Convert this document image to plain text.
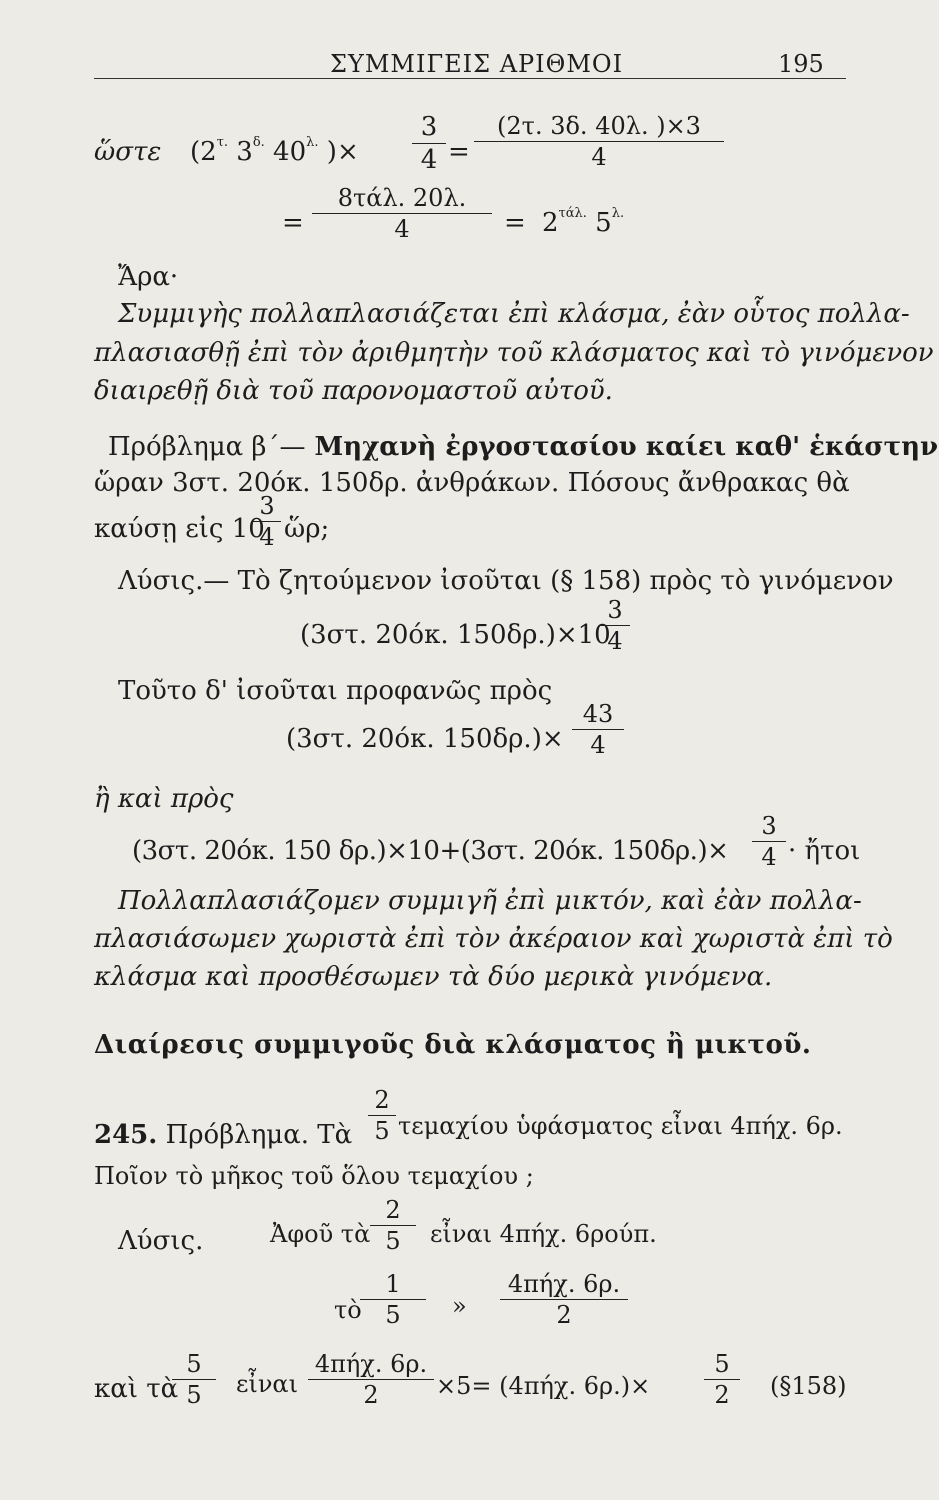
ΣΥΜΜΙΓΕΙΣ ΑΡΙΘΜΟΙ	195
ὥστε ($2^{\tau.}$ $3^{\delta.}$ $40^{\lambda.}$ )×
3
4 =
(2τ. 3δ. 40λ. )×3
4
=
8τάλ. 20λ.
4	= $2^{\tau ά\lambda.}$ $5^{\lambda.}$
Ἄρα·
Συμμιγὴς πολλαπλασιάζεται ἐπὶ κλάσμα, ἐὰν οὗτος πολλα-
πλασιασθῇ ἐπὶ τὸν ἀριθμητὴν τοῦ κλάσματος καὶ τὸ γινόμενον
διαιρεθῇ διὰ τοῦ παρονομαστοῦ αὐτοῦ.
Πρόβλημα β΄— Μηχανὴ ἐργοστασίου καίει καθ' ἑκάστην
ὥραν 3στ. 20όκ. 150δρ. ἀνθράκων. Πόσους ἄνθρακας θὰ
καύσῃ εἰς 10
3
4 ὥρ;
Λύσις.— Τὸ ζητούμενον ἰσοῦται (§ 158) πρὸς τὸ γινόμενον
(3στ. 20όκ. 150δρ.)×10
3
4
Τοῦτο δ' ἰσοῦται προφανῶς πρὸς
(3στ. 20όκ. 150δρ.)×
43
4
ἢ καὶ πρὸς
(3στ. 20όκ. 150 δρ.)×10+(3στ. 20όκ. 150δρ.)×
3
4 · ἤτοι
Πολλαπλασιάζομεν συμμιγῆ ἐπὶ μικτόν, καὶ ἐὰν πολλα-
πλασιάσωμεν χωριστὰ ἐπὶ τὸν ἀκέραιον καὶ χωριστὰ ἐπὶ τὸ
κλάσμα καὶ προσθέσωμεν τὰ δύο μερικὰ γινόμενα.
Διαίρεσις συμμιγοῦς διὰ κλάσματος ἢ μικτοῦ.
245. Πρόβλημα. Τὰ
2
5 τεμαχίου ὑφάσματος εἶναι 4πήχ. 6ρ.
Ποῖον τὸ μῆκος τοῦ ὅλου τεμαχίου ;
Λύσις.	Ἀφοῦ τὰ
2
5	εἶναι 4πήχ. 6ρούπ.
τὸ
1
5	»
4πήχ. 6ρ.
2
καὶ τὰ
5
5	εἶναι
4πήχ. 6ρ.
2	×5= (4πήχ. 6ρ.)×
5
2	(§158)
